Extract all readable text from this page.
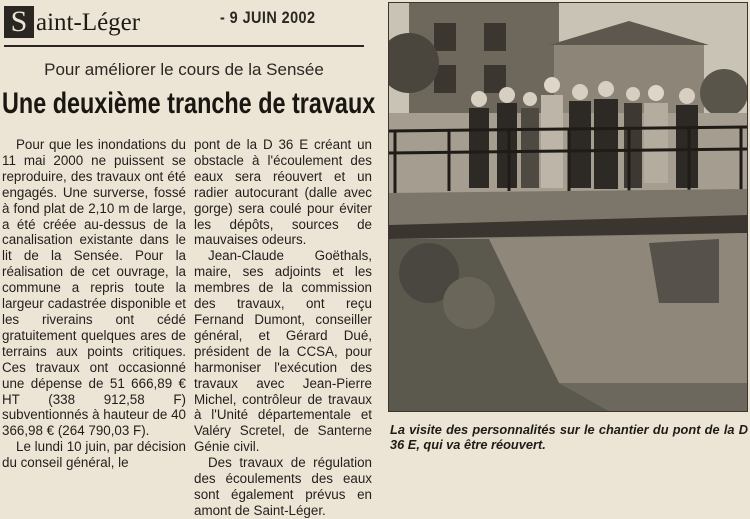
S aint-Léger	- 9 JUIN 2002
Pour améliorer le cours de la Sensée
Une deuxième tranche de travaux

Pour que les inondations du 11 mai 2000 ne puissent se reproduire, des travaux ont été engagés. Une surverse, fossé à fond plat de 2,10 m de large, a été créée au-dessus de la canalisation existante dans le lit de la Sensée. Pour la réalisation de cet ouvrage, la commune a repris toute la largeur cadastrée disponible et les riverains ont cédé gratuitement quelques ares de terrains aux points critiques. Ces travaux ont occasionné une dépense de 51 666,89 € HT (338 912,58 F) subventionnés à hauteur de 40 366,98 € (264 790,03 F).

Le lundi 10 juin, par décision du conseil général, le

pont de la D 36 E créant un obstacle à l'écoulement des eaux sera réouvert et un radier autocurant (dalle avec gorge) sera coulé pour éviter les dépôts, sources de mauvaises odeurs.

Jean-Claude Goëthals, maire, ses adjoints et les membres de la commission des travaux, ont reçu Fernand Dumont, conseiller général, et Gérard Dué, président de la CCSA, pour harmoniser l'exécution des travaux avec Jean-Pierre Michel, contrôleur de travaux à l'Unité départementale et Valéry Scretel, de Santerne Génie civil.

Des travaux de régulation des écoulements des eaux sont également prévus en amont de Saint-Léger.

La visite des personnalités sur le chantier du pont de la D 36 E, qui va être réouvert.
